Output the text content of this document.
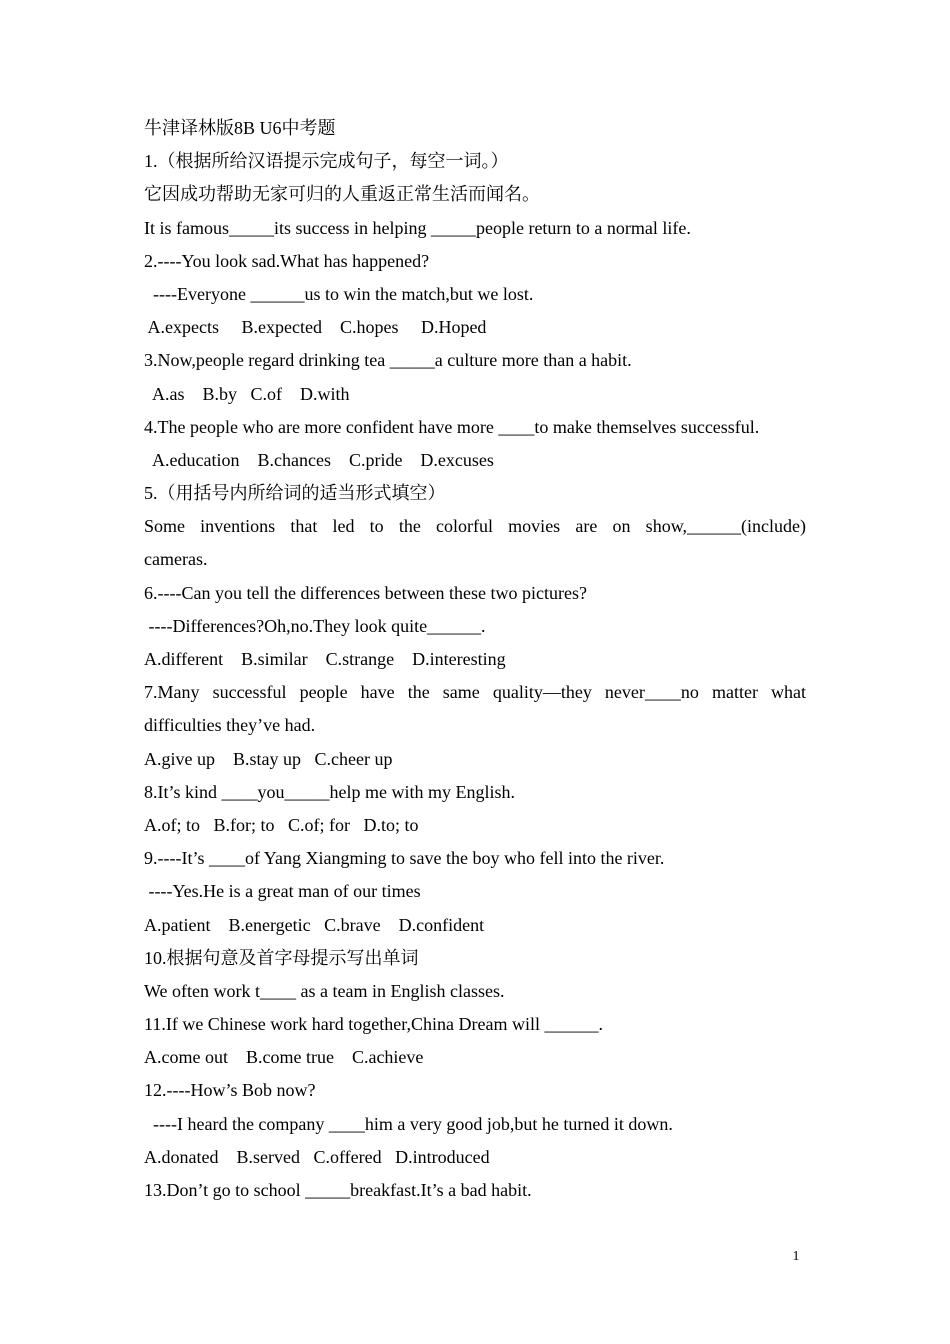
牛津译林版8B U6中考题
1.（根据所给汉语提示完成句子，每空一词。）
它因成功帮助无家可归的人重返正常生活而闻名。
It is famous_____its success in helping _____people return to a normal life.
2.----You look sad.What has happened?
----Everyone ______us to win the match,but we lost.
A.expects     B.expected    C.hopes     D.Hoped
3.Now,people regard drinking tea _____a culture more than a habit.
A.as    B.by   C.of    D.with
4.The people who are more confident have more ____to make themselves successful.
A.education    B.chances    C.pride    D.excuses
5.（用括号内所给词的适当形式填空）
Some inventions that led to the colorful movies are on show,______(include)
cameras.
6.----Can you tell the differences between these two pictures?
----Differences?Oh,no.They look quite______.
A.different    B.similar    C.strange    D.interesting
7.Many successful people have the same quality—they never____no matter what
difficulties they’ve had.
A.give up    B.stay up   C.cheer up
8.It’s kind ____you_____help me with my English.
A.of; to   B.for; to   C.of; for   D.to; to
9.----It’s ____of Yang Xiangming to save the boy who fell into the river.
----Yes.He is a great man of our times
A.patient    B.energetic   C.brave    D.confident
10.根据句意及首字母提示写出单词
We often work t____ as a team in English classes.
11.If we Chinese work hard together,China Dream will ______.
A.come out    B.come true    C.achieve
12.----How’s Bob now?
----I heard the company ____him a very good job,but he turned it down.
A.donated    B.served   C.offered   D.introduced
13.Don’t go to school _____breakfast.It’s a bad habit.
1
